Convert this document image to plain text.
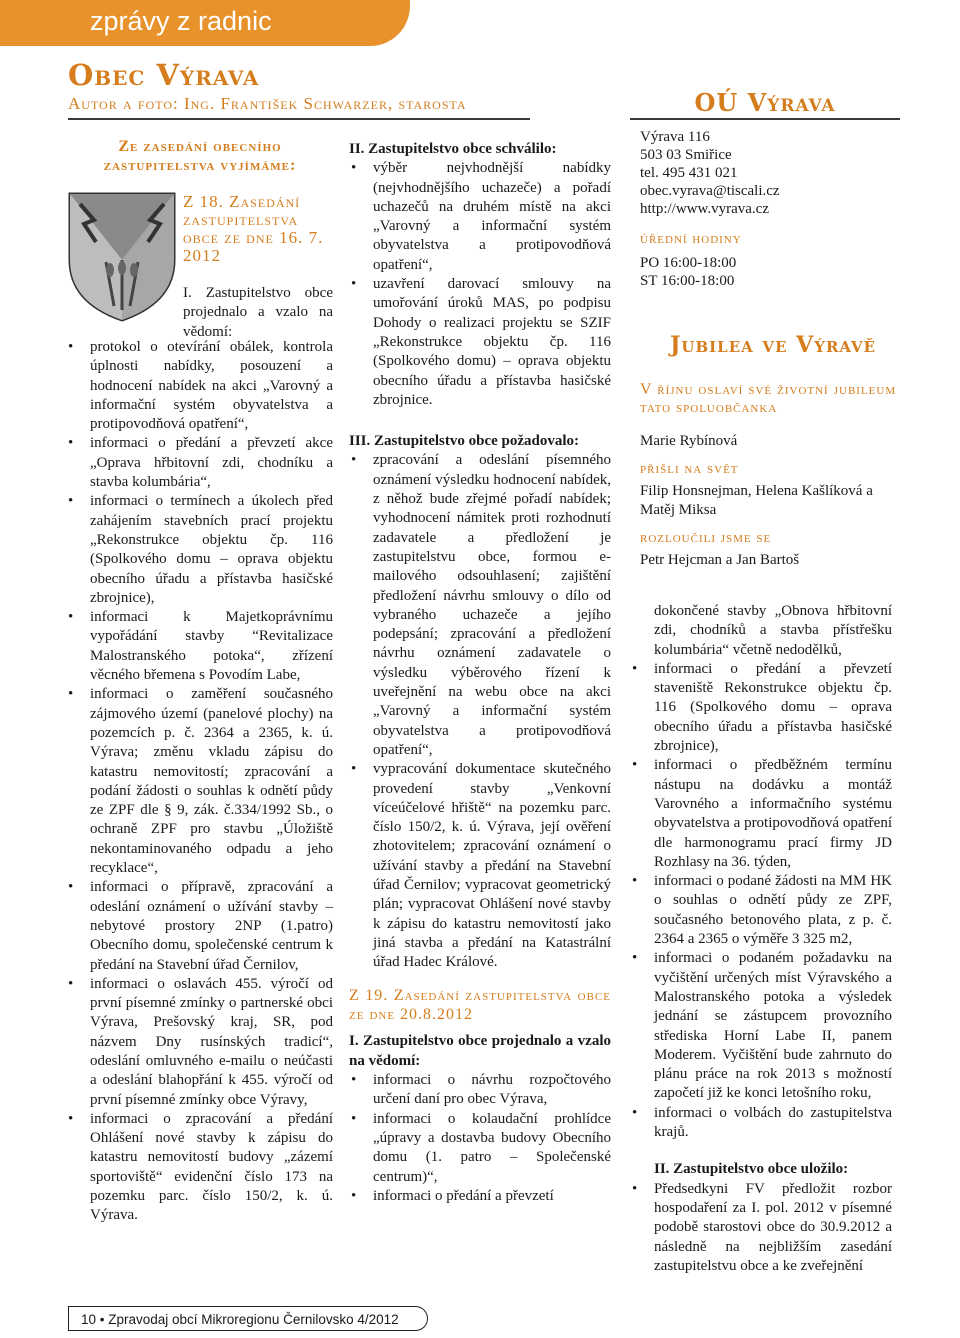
zprávy z radnic
Obec Výrava
Autor a foto: Ing. František Schwarzer, starosta
Ze zasedání obecního zastupitelstva vyjímáme:
Z 18. Zasedání zastupitelstva obce ze dne 16. 7. 2012
I. Zastupitelstvo obce projednalo a vzalo na vědomí:
• protokol o otevírání obálek, kontrola úplnosti nabídky, posouzení a hodnocení nabídek na akci „Varovný a informační systém obyvatelstva a protipovodňová opatření“,
• informaci o předání a převzetí akce „Oprava hřbitovní zdi, chodníku a stavba kolumbária“,
• informaci o termínech a úkolech před zahájením stavebních prací projektu „Rekonstrukce objektu čp. 116 (Spolkového domu – oprava objektu obecního úřadu a přístavba hasičské zbrojnice),
• informaci k Majetkoprávnímu vypořádání stavby “Revitalizace Malostranského potoka“, zřízení věcného břemena s Povodím Labe,
• informaci o zaměření současného zájmového území (panelové plochy) na pozemcích p. č. 2364 a 2365, k. ú. Výrava; změnu vkladu zápisu do katastru nemovitostí; zpracování a podání žádosti o souhlas k odnětí půdy ze ZPF dle § 9, zák. č.334/1992 Sb., o ochraně ZPF pro stavbu „Úložiště nekontaminovaného odpadu a jeho recyklace“,
• informaci o přípravě, zpracování a odeslání oznámení o užívání stavby – nebytové prostory 2NP (1.patro) Obecního domu, společenské centrum k předání na Stavební úřad Černilov,
• informaci o oslavách 455. výročí od první písemné zmínky o partnerské obci Výrava, Prešovský kraj, SR, pod názvem Dny rusínských tradicí“, odeslání omluvného e-mailu o neúčasti a odeslání blahopřání k 455. výročí od první písemné zmínky obce Výravy,
• informaci o zpracování a předání Ohlášení nové stavby k zápisu do katastru nemovitostí budovy „zázemí sportoviště“ evidenční číslo 173 na pozemku parc. číslo 150/2, k. ú. Výrava.

II. Zastupitelstvo obce schválilo:

• výběr nejvhodnější nabídky (nejvhodnějšího uchazeče) a pořadí uchazečů na druhém místě na akci „Varovný a informační systém obyvatelstva a protipovodňová opatření“,
• uzavření darovací smlouvy na umořování úroků MAS, po podpisu Dohody o realizaci projektu se SZIF „Rekonstrukce objektu čp. 116 (Spolkového domu) – oprava objektu obecního úřadu a přístavba hasičské zbrojnice.

III. Zastupitelstvo obce požadovalo:

• zpracování a odeslání písemného oznámení výsledku hodnocení nabídek, z něhož bude zřejmé pořadí nabídek; vyhodnocení námitek proti rozhodnutí zadavatele a předložení je zastupitelstvu obce, formou e-mailového odsouhlasení; zajištění předložení návrhu smlouvy o dílo od vybraného uchazeče a jejího podepsání; zpracování a předložení návrhu oznámení zadavatele o výsledku výběrového řízení k uveřejnění na webu obce na akci „Varovný a informační systém obyvatelstva a protipovodňová opatření“,
• vypracování dokumentace skutečného provedení stavby „Venkovní víceúčelové hřiště“ na pozemku parc. číslo 150/2, k. ú. Výrava, její ověření zhotovitelem; zpracování oznámení o užívání stavby a předání na Stavební úřad Černilov; vypracovat geometrický plán; vypracovat Ohlášení nové stavby k zápisu do katastru nemovitostí jako jiná stavba a předání na Katastrální úřad Hadec Králové.

Z 19. Zasedání zastupitelstva obce ze dne 20.8.2012

I. Zastupitelstvo obce projednalo a vzalo na vědomí:

• informaci o návrhu rozpočtového určení daní pro obec Výrava,
• informaci o kolaudační prohlídce „úpravy a dostavba budovy Obecního domu (1. patro – Společenské centrum)“,
• informaci o předání a převzetí
OÚ Výrava
Výrava 116
503 03 Smiřice
tel. 495 431 021
obec.vyrava@tiscali.cz
http://www.vyrava.cz
úřední hodiny
PO 16:00-18:00
ST 16:00-18:00
Jubilea ve Výravě
V říjnu oslaví své životní jubileum tato spoluobčanka
Marie Rybínová
přišli na svět
Filip Honsnejman, Helena Kašlíková a Matěj Miksa
rozloučili jsme se
Petr Hejcman a Jan Bartoš

dokončené stavby „Obnova hřbitovní zdi, chodníků a stavba přístřešku kolumbária“ včetně nedodělků,

• informaci o předání a převzetí staveniště Rekonstrukce objektu čp. 116 (Spolkového domu – oprava obecního úřadu a přístavba hasičské zbrojnice),
• informaci o předběžném termínu nástupu na dodávku a montáž Varovného a informačního systému obyvatelstva a protipovodňová opatření dle harmonogramu prací firmy JD Rozhlasy na 36. týden,
• informaci o podané žádosti na MM HK o souhlas o odnětí půdy ze ZPF, současného betonového plata, z p. č. 2364 a 2365 o výměře 3 325 m2,
• informaci o podaném požadavku na vyčištění určených míst Výravského a Malostranského potoka a výsledek jednání se zástupcem provozního střediska Horní Labe II, panem Moderem. Vyčištění bude zahrnuto do plánu práce na rok 2013 s možností započetí již ke konci letošního roku,
• informaci o volbách do zastupitelstva krajů.

II. Zastupitelstvo obce uložilo:

• Předsedkyni FV předložit rozbor hospodaření za I. pol. 2012 v písemné podobě starostovi obce do 30.9.2012 a následně na nejbližším zasedání zastupitelstvu obce a ke zveřejnění
10 • Zpravodaj obcí Mikroregionu Černilovsko 4/2012
